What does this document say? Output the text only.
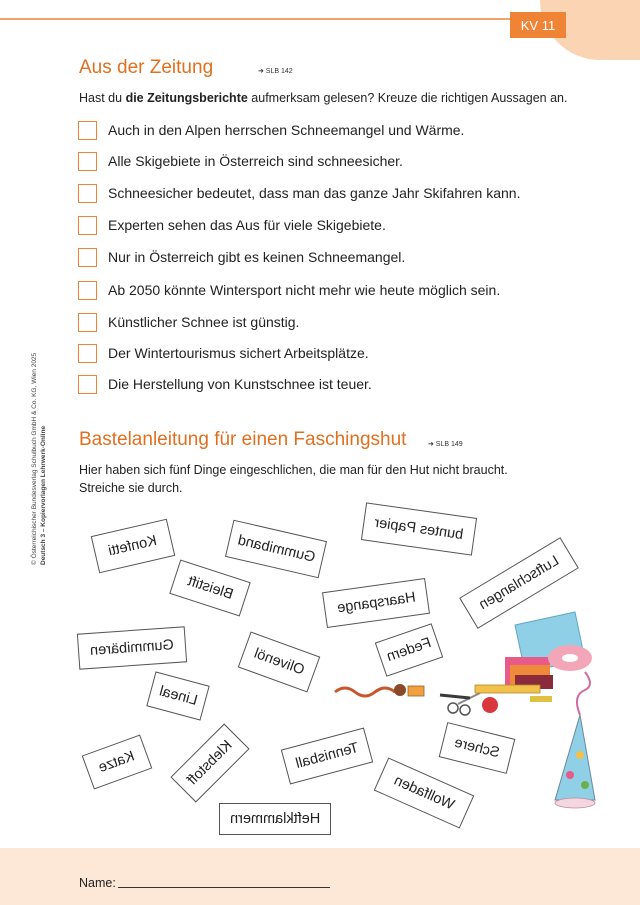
KV 11
© Österreichischer Bundesverlag Schulbuch GmbH & Co. KG, Wien 2025 Deutsch 3 – Kopiervorlagen Lehrwerk-Online
Aus der Zeitung	➜ SLB 142
Hast du die Zeitungsberichte aufmerksam gelesen? Kreuze die richtigen Aussagen an.
Auch in den Alpen herrschen Schneemangel und Wärme.
Alle Skigebiete in Österreich sind schneesicher.
Schneesicher bedeutet, dass man das ganze Jahr Skifahren kann.
Experten sehen das Aus für viele Skigebiete.
Nur in Österreich gibt es keinen Schneemangel.
Ab 2050 könnte Wintersport nicht mehr wie heute möglich sein.
Künstlicher Schnee ist günstig.
Der Wintertourismus sichert Arbeitsplätze.
Die Herstellung von Kunstschnee ist teuer.
Bastelanleitung für einen Faschingshut	➜ SLB 149
Hier haben sich fünf Dinge eingeschlichen, die man für den Hut nicht braucht.
Streiche sie durch.
Konfetti	Gummiband
buntes Papier
Luftschlangen
Bleistift
Haarspange
Gummibären	Olivenöl	Federn
Lineal
Katze	Klebstoff	Tennisball	Schere
Wollfaden
Heftklammern
Name:
